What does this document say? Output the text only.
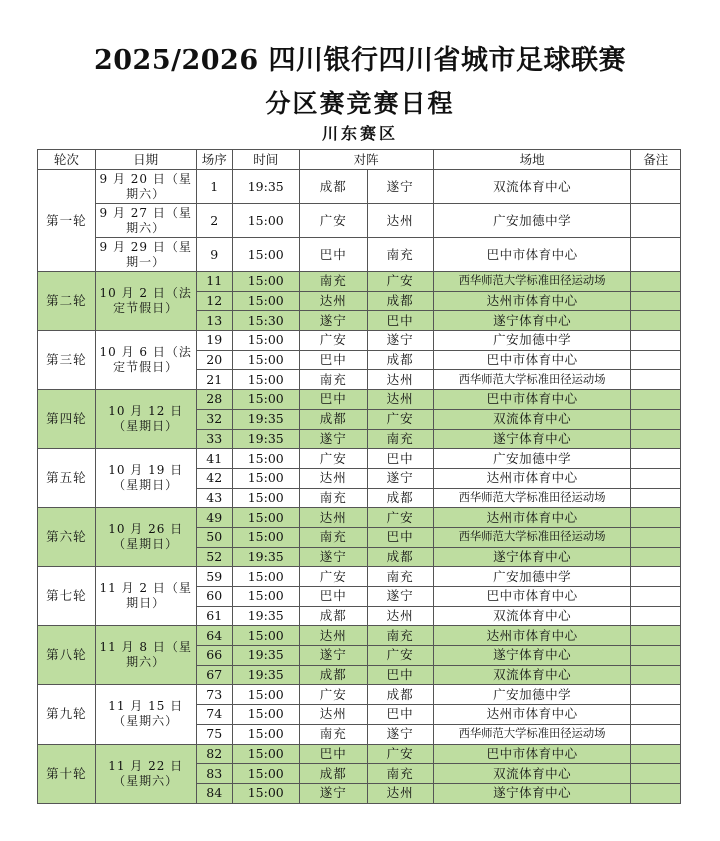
2025/2026 四川银行四川省城市足球联赛
分区赛竞赛日程
川东赛区
轮次	日期	场序	时间	对阵		场地	备注
第一轮	9 月 20 日（星期六）	1	19:35	成都	遂宁	双流体育中心	
	9 月 27 日（星期六）	2	15:00	广安	达州	广安加德中学	
	9 月 29 日（星期一）	9	15:00	巴中	南充	巴中市体育中心	
第二轮	10 月 2 日（法定节假日）	11	15:00	南充	广安	西华师范大学标准田径运动场	
		12	15:00	达州	成都	达州市体育中心	
		13	15:30	遂宁	巴中	遂宁体育中心	
第三轮	10 月 6 日（法定节假日）	19	15:00	广安	遂宁	广安加德中学	
		20	15:00	巴中	成都	巴中市体育中心	
		21	15:00	南充	达州	西华师范大学标准田径运动场	
第四轮	10 月 12 日（星期日）	28	15:00	巴中	达州	巴中市体育中心	
		32	19:35	成都	广安	双流体育中心	
		33	19:35	遂宁	南充	遂宁体育中心	
第五轮	10 月 19 日（星期日）	41	15:00	广安	巴中	广安加德中学	
		42	15:00	达州	遂宁	达州市体育中心	
		43	15:00	南充	成都	西华师范大学标准田径运动场	
第六轮	10 月 26 日（星期日）	49	15:00	达州	广安	达州市体育中心	
		50	15:00	南充	巴中	西华师范大学标准田径运动场	
		52	19:35	遂宁	成都	遂宁体育中心	
第七轮	11 月 2 日（星期日）	59	15:00	广安	南充	广安加德中学	
		60	15:00	巴中	遂宁	巴中市体育中心	
		61	19:35	成都	达州	双流体育中心	
第八轮	11 月 8 日（星期六）	64	15:00	达州	南充	达州市体育中心	
		66	19:35	遂宁	广安	遂宁体育中心	
		67	19:35	成都	巴中	双流体育中心	
第九轮	11 月 15 日（星期六）	73	15:00	广安	成都	广安加德中学	
		74	15:00	达州	巴中	达州市体育中心	
		75	15:00	南充	遂宁	西华师范大学标准田径运动场	
第十轮	11 月 22 日（星期六）	82	15:00	巴中	广安	巴中市体育中心	
		83	15:00	成都	南充	双流体育中心	
		84	15:00	遂宁	达州	遂宁体育中心	
